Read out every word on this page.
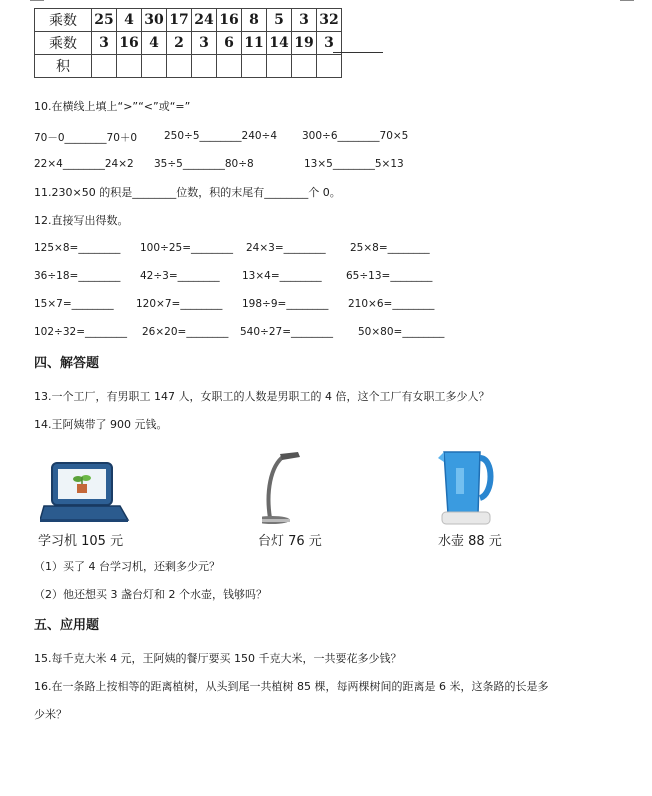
乘数	25	4	30	17	24	16	8	5	3	32
乘数	3	16	4	2	3	6	11	14	19	3
积										
10.在横线上填上“>”“<”或“=”
70－0________70＋0	250÷5________240÷4 300÷6________70×5
22×4________24×2 35÷5________80÷8	13×5________5×13
11.230×50 的积是________位数，积的末尾有________个 0。
12.直接写出得数。
125×8=________ 100÷25=________ 24×3=________ 25×8=________
36÷18=________ 42÷3=________ 13×4=________ 65÷13=________
15×7=________ 120×7=________ 198÷9=________ 210×6=________
102÷32=________ 26×20=________ 540÷27=________ 50×80=________
四、解答题
13.一个工厂，有男职工 147 人，女职工的人数是男职工的 4 倍，这个工厂有女职工多少人？
14.王阿姨带了 900 元钱。
学习机 105 元	台灯 76 元	水壶 88 元
（1）买了 4 台学习机，还剩多少元？
（2）他还想买 3 盏台灯和 2 个水壶，钱够吗？
五、应用题
15.每千克大米 4 元，王阿姨的餐厅要买 150 千克大米，一共要花多少钱？
16.在一条路上按相等的距离植树，从头到尾一共植树 85 棵，每两棵树间的距离是 6 米，这条路的长是多
少米？
